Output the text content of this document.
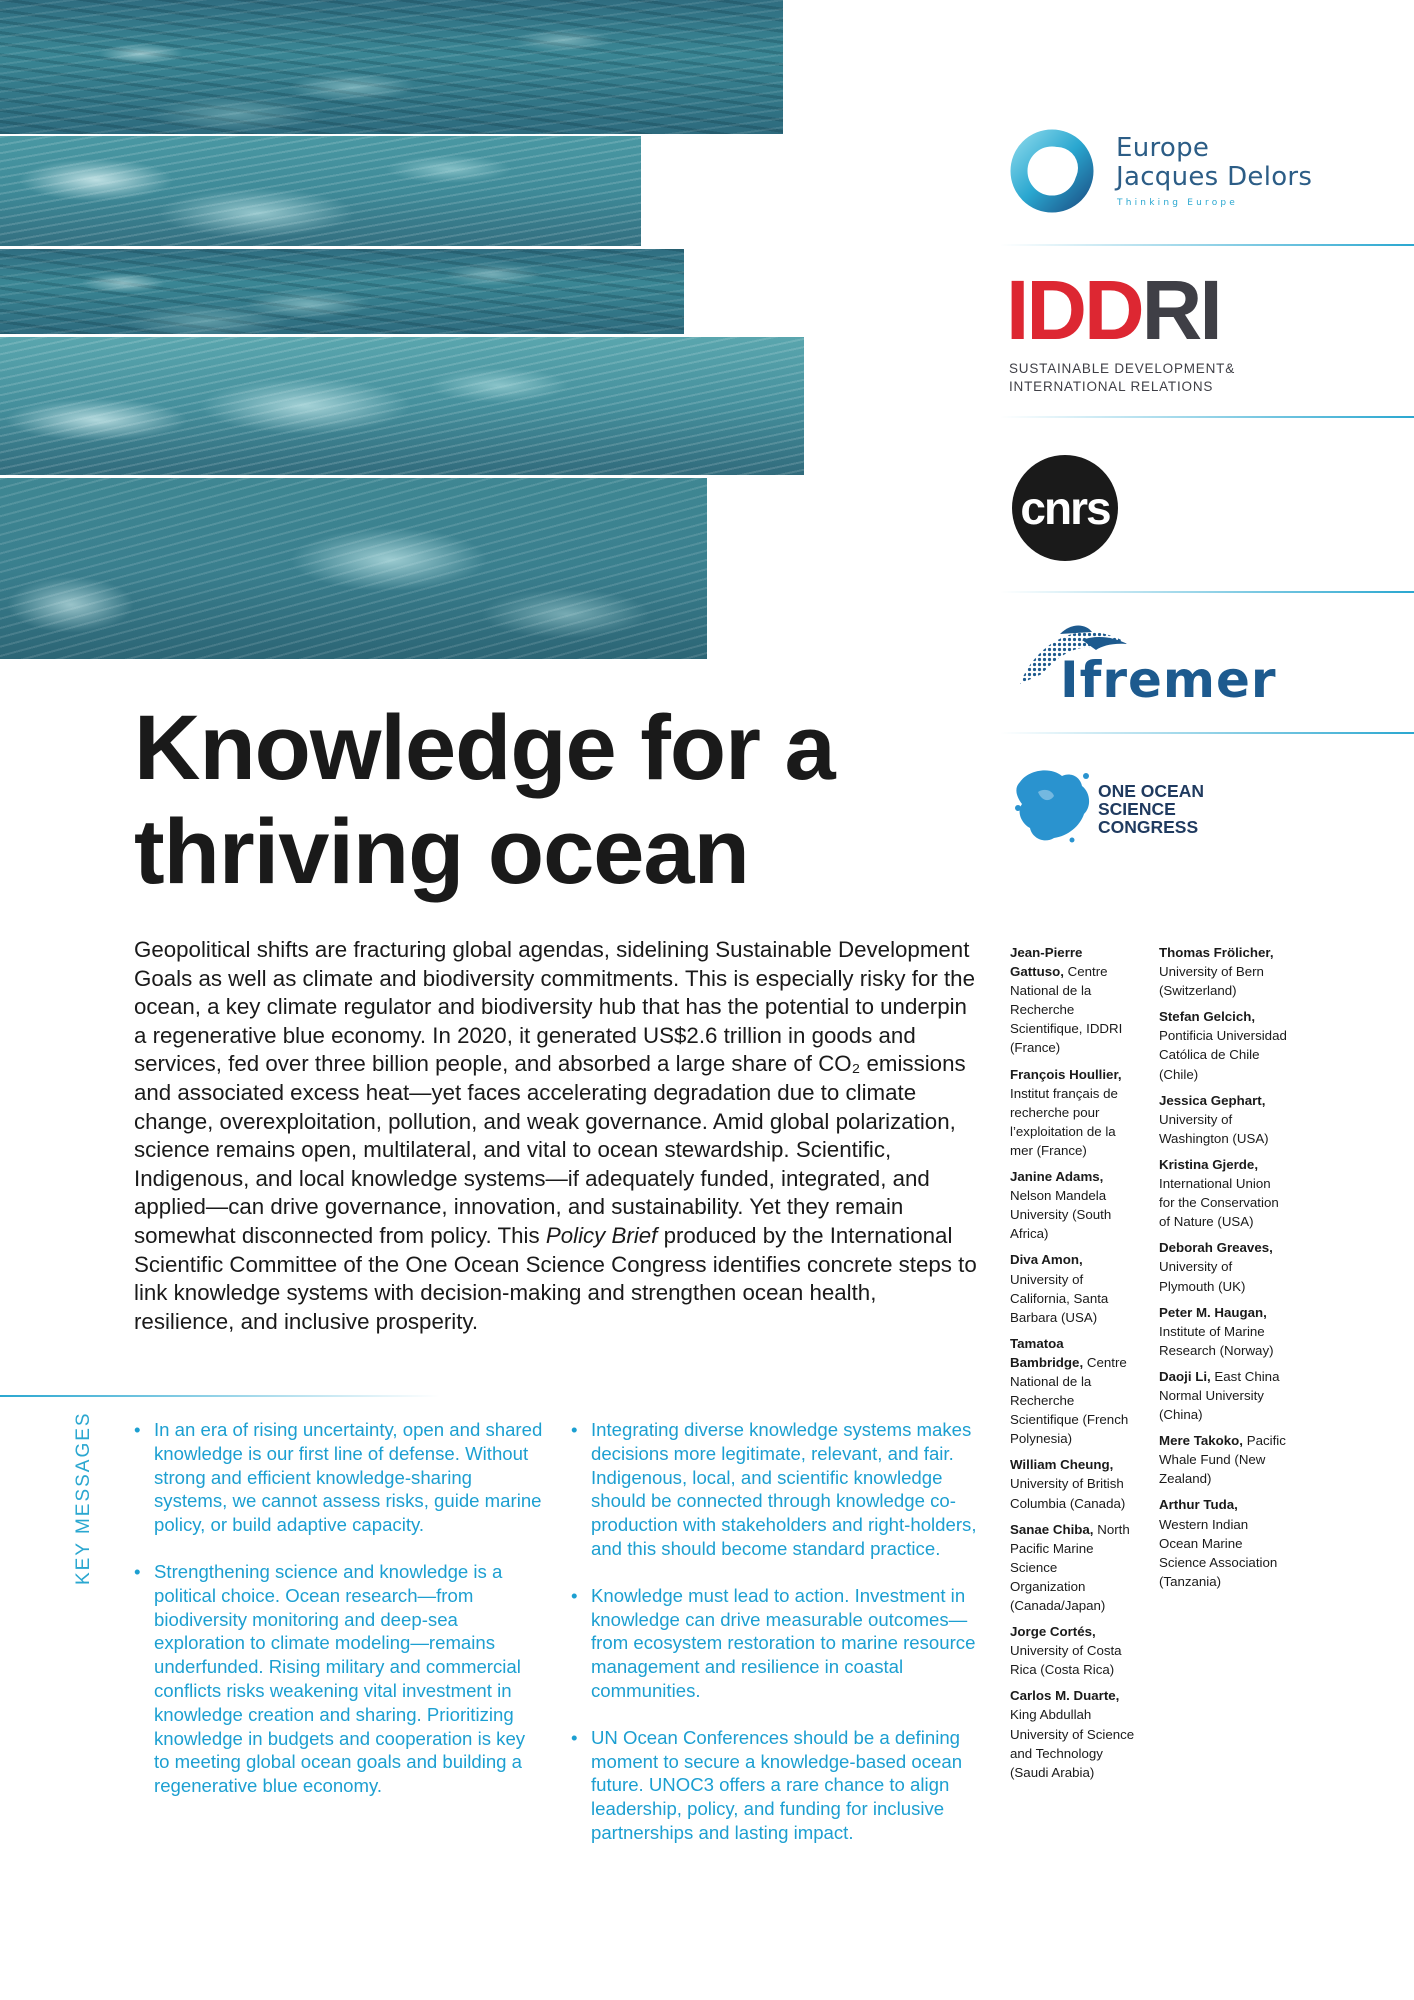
Europe
Jacques Delors
Thinking Europe
IDDRI
SUSTAINABLE DEVELOPMENT&
INTERNATIONAL RELATIONS
cnrs
Ifremer
ONE OCEAN
SCIENCE
CONGRESS
Knowledge for a
thriving ocean

Geopolitical shifts are fracturing global agendas, sidelining Sustainable Development Goals as well as climate and biodiversity commitments. This is especially risky for the ocean, a key climate regulator and biodiversity hub that has the potential to underpin a regenerative blue economy. In 2020, it generated US$2.6 trillion in goods and services, fed over three billion people, and absorbed a large share of CO₂ emissions and associated excess heat—yet faces accelerating degradation due to climate change, overexploitation, pollution, and weak governance. Amid global polarization, science remains open, multilateral, and vital to ocean stewardship. Scientific, Indigenous, and local knowledge systems—if adequately funded, integrated, and applied—can drive governance, innovation, and sustainability. Yet they remain somewhat disconnected from policy. This Policy Brief produced by the International Scientific Committee of the One Ocean Science Congress identifies concrete steps to link knowledge systems with decision-making and strengthen ocean health, resilience, and inclusive prosperity.

KEY MESSAGES • In an era of rising uncertainty, open and shared knowledge is our first line of defense. Without strong and efficient knowledge-sharing systems, we cannot assess risks, guide marine policy, or build adaptive capacity.
• Strengthening science and knowledge is a political choice. Ocean research—from biodiversity monitoring and deep-sea exploration to climate modeling—remains underfunded. Rising military and commercial conflicts risks weakening vital investment in knowledge creation and sharing. Prioritizing knowledge in budgets and cooperation is key to meeting global ocean goals and building a regenerative blue economy.
• Integrating diverse knowledge systems makes decisions more legitimate, relevant, and fair. Indigenous, local, and scientific knowledge should be connected through knowledge co-production with stakeholders and right-holders, and this should become standard practice.
• Knowledge must lead to action. Investment in knowledge can drive measurable outcomes—from ecosystem restoration to marine resource management and resilience in coastal communities.
• UN Ocean Conferences should be a defining moment to secure a knowledge-based ocean future. UNOC3 offers a rare chance to align leadership, policy, and funding for inclusive partnerships and lasting impact.
Jean-Pierre Gattuso, Centre National de la Recherche Scientifique, IDDRI (France)
François Houllier, Institut français de recherche pour l’exploitation de la mer (France)
Janine Adams, Nelson Mandela University (South Africa)
Diva Amon, University of California, Santa Barbara (USA)
Tamatoa Bambridge, Centre National de la Recherche Scientifique (French Polynesia)
William Cheung, University of British Columbia (Canada)
Sanae Chiba, North Pacific Marine Science Organization (Canada/Japan)
Jorge Cortés, University of Costa Rica (Costa Rica)
Carlos M. Duarte, King Abdullah University of Science and Technology (Saudi Arabia)
Thomas Frölicher, University of Bern (Switzerland)
Stefan Gelcich, Pontificia Universidad Católica de Chile (Chile)
Jessica Gephart, University of Washington (USA)
Kristina Gjerde, International Union for the Conservation of Nature (USA)
Deborah Greaves, University of Plymouth (UK)
Peter M. Haugan, Institute of Marine Research (Norway)
Daoji Li, East China Normal University (China)
Mere Takoko, Pacific Whale Fund (New Zealand)
Arthur Tuda, Western Indian Ocean Marine Science Association (Tanzania)
